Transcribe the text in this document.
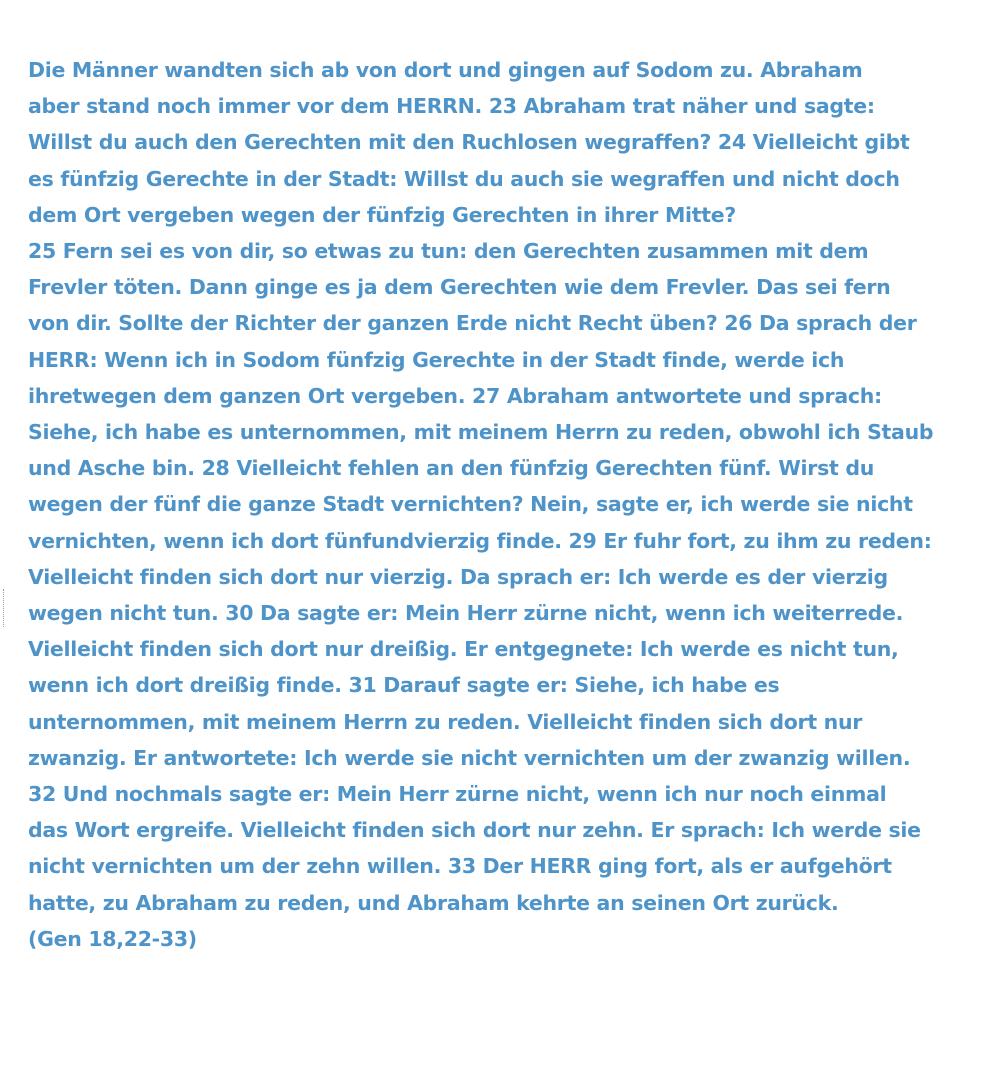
Die Männer wandten sich ab von dort und gingen auf Sodom zu. Abraham
aber stand noch immer vor dem HERRN. 23 Abraham trat näher und sagte:
Willst du auch den Gerechten mit den Ruchlosen wegraffen? 24 Vielleicht gibt
es fünfzig Gerechte in der Stadt: Willst du auch sie wegraffen und nicht doch
dem Ort vergeben wegen der fünfzig Gerechten in ihrer Mitte?
25 Fern sei es von dir, so etwas zu tun: den Gerechten zusammen mit dem
Frevler töten. Dann ginge es ja dem Gerechten wie dem Frevler. Das sei fern
von dir. Sollte der Richter der ganzen Erde nicht Recht üben? 26 Da sprach der
HERR: Wenn ich in Sodom fünfzig Gerechte in der Stadt finde, werde ich
ihretwegen dem ganzen Ort vergeben. 27 Abraham antwortete und sprach:
Siehe, ich habe es unternommen, mit meinem Herrn zu reden, obwohl ich Staub
und Asche bin. 28 Vielleicht fehlen an den fünfzig Gerechten fünf. Wirst du
wegen der fünf die ganze Stadt vernichten? Nein, sagte er, ich werde sie nicht
vernichten, wenn ich dort fünfundvierzig finde. 29 Er fuhr fort, zu ihm zu reden:
Vielleicht finden sich dort nur vierzig. Da sprach er: Ich werde es der vierzig
wegen nicht tun. 30 Da sagte er: Mein Herr zürne nicht, wenn ich weiterrede.
Vielleicht finden sich dort nur dreißig. Er entgegnete: Ich werde es nicht tun,
wenn ich dort dreißig finde. 31 Darauf sagte er: Siehe, ich habe es
unternommen, mit meinem Herrn zu reden. Vielleicht finden sich dort nur
zwanzig. Er antwortete: Ich werde sie nicht vernichten um der zwanzig willen.
32 Und nochmals sagte er: Mein Herr zürne nicht, wenn ich nur noch einmal
das Wort ergreife. Vielleicht finden sich dort nur zehn. Er sprach: Ich werde sie
nicht vernichten um der zehn willen. 33 Der HERR ging fort, als er aufgehört
hatte, zu Abraham zu reden, und Abraham kehrte an seinen Ort zurück.
(Gen 18,22-33)
